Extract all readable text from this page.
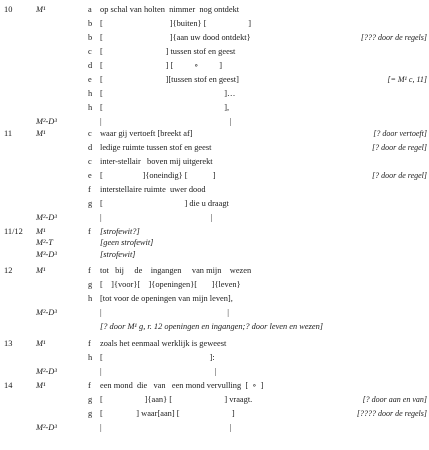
10	M¹	a op schal van holten  nimmer  nog ontdekt
b [                                ]{buiten} [                    ]
b [                                ]{aan uw dood ontdekt}	[??? door de regels]
c [                              ] tussen stof en geest
d [                              ] [          ∘          ]
e [                              ][tussen stof en geest]	[= M¹ c, 11]
h [                                                          ]…
h [                                                          ],
M²-D³	|                                                             |
11	M¹	c waar gij vertoeft [breekt af]	[? door vertoeft]
d ledige ruimte tussen stof en geest	[? door de regel]
c inter-stellair   boven mij uitgerekt
e [                   ]{oneindig} [            ]	[? door de regel]
f interstellaire ruimte  uwer dood
g [                                       ] die u draagt
M²-D³	|                                                    |
11/12 M¹	f [strofewit?]
M²-T	[geen strofewit]
M³-D³	[strofewit]
12	M¹	f tot   bij     de    ingangen     van mijn    wezen
g [    ]{voor}[    ]{openingen}[       ]{leven}
h [tot voor de openingen van mijn leven],
M²-D³	|                                                            |
[? door M¹ g, r. 12 openingen en ingangen;? door leven en wezen]
13	M¹	f zoals het eenmaal werklijk is geweest
h [                                                   ]:
M²-D³	|                                                      |
14	M¹	f een mond  die   van   een mond vervulling  [  ∘  ]
g [                    ]{aan} [                         ] vraagt.	[? door aan en van]
g [                ] waar[aan] [                         ]	[???? door de regels]
M²-D³	|                                                             |
